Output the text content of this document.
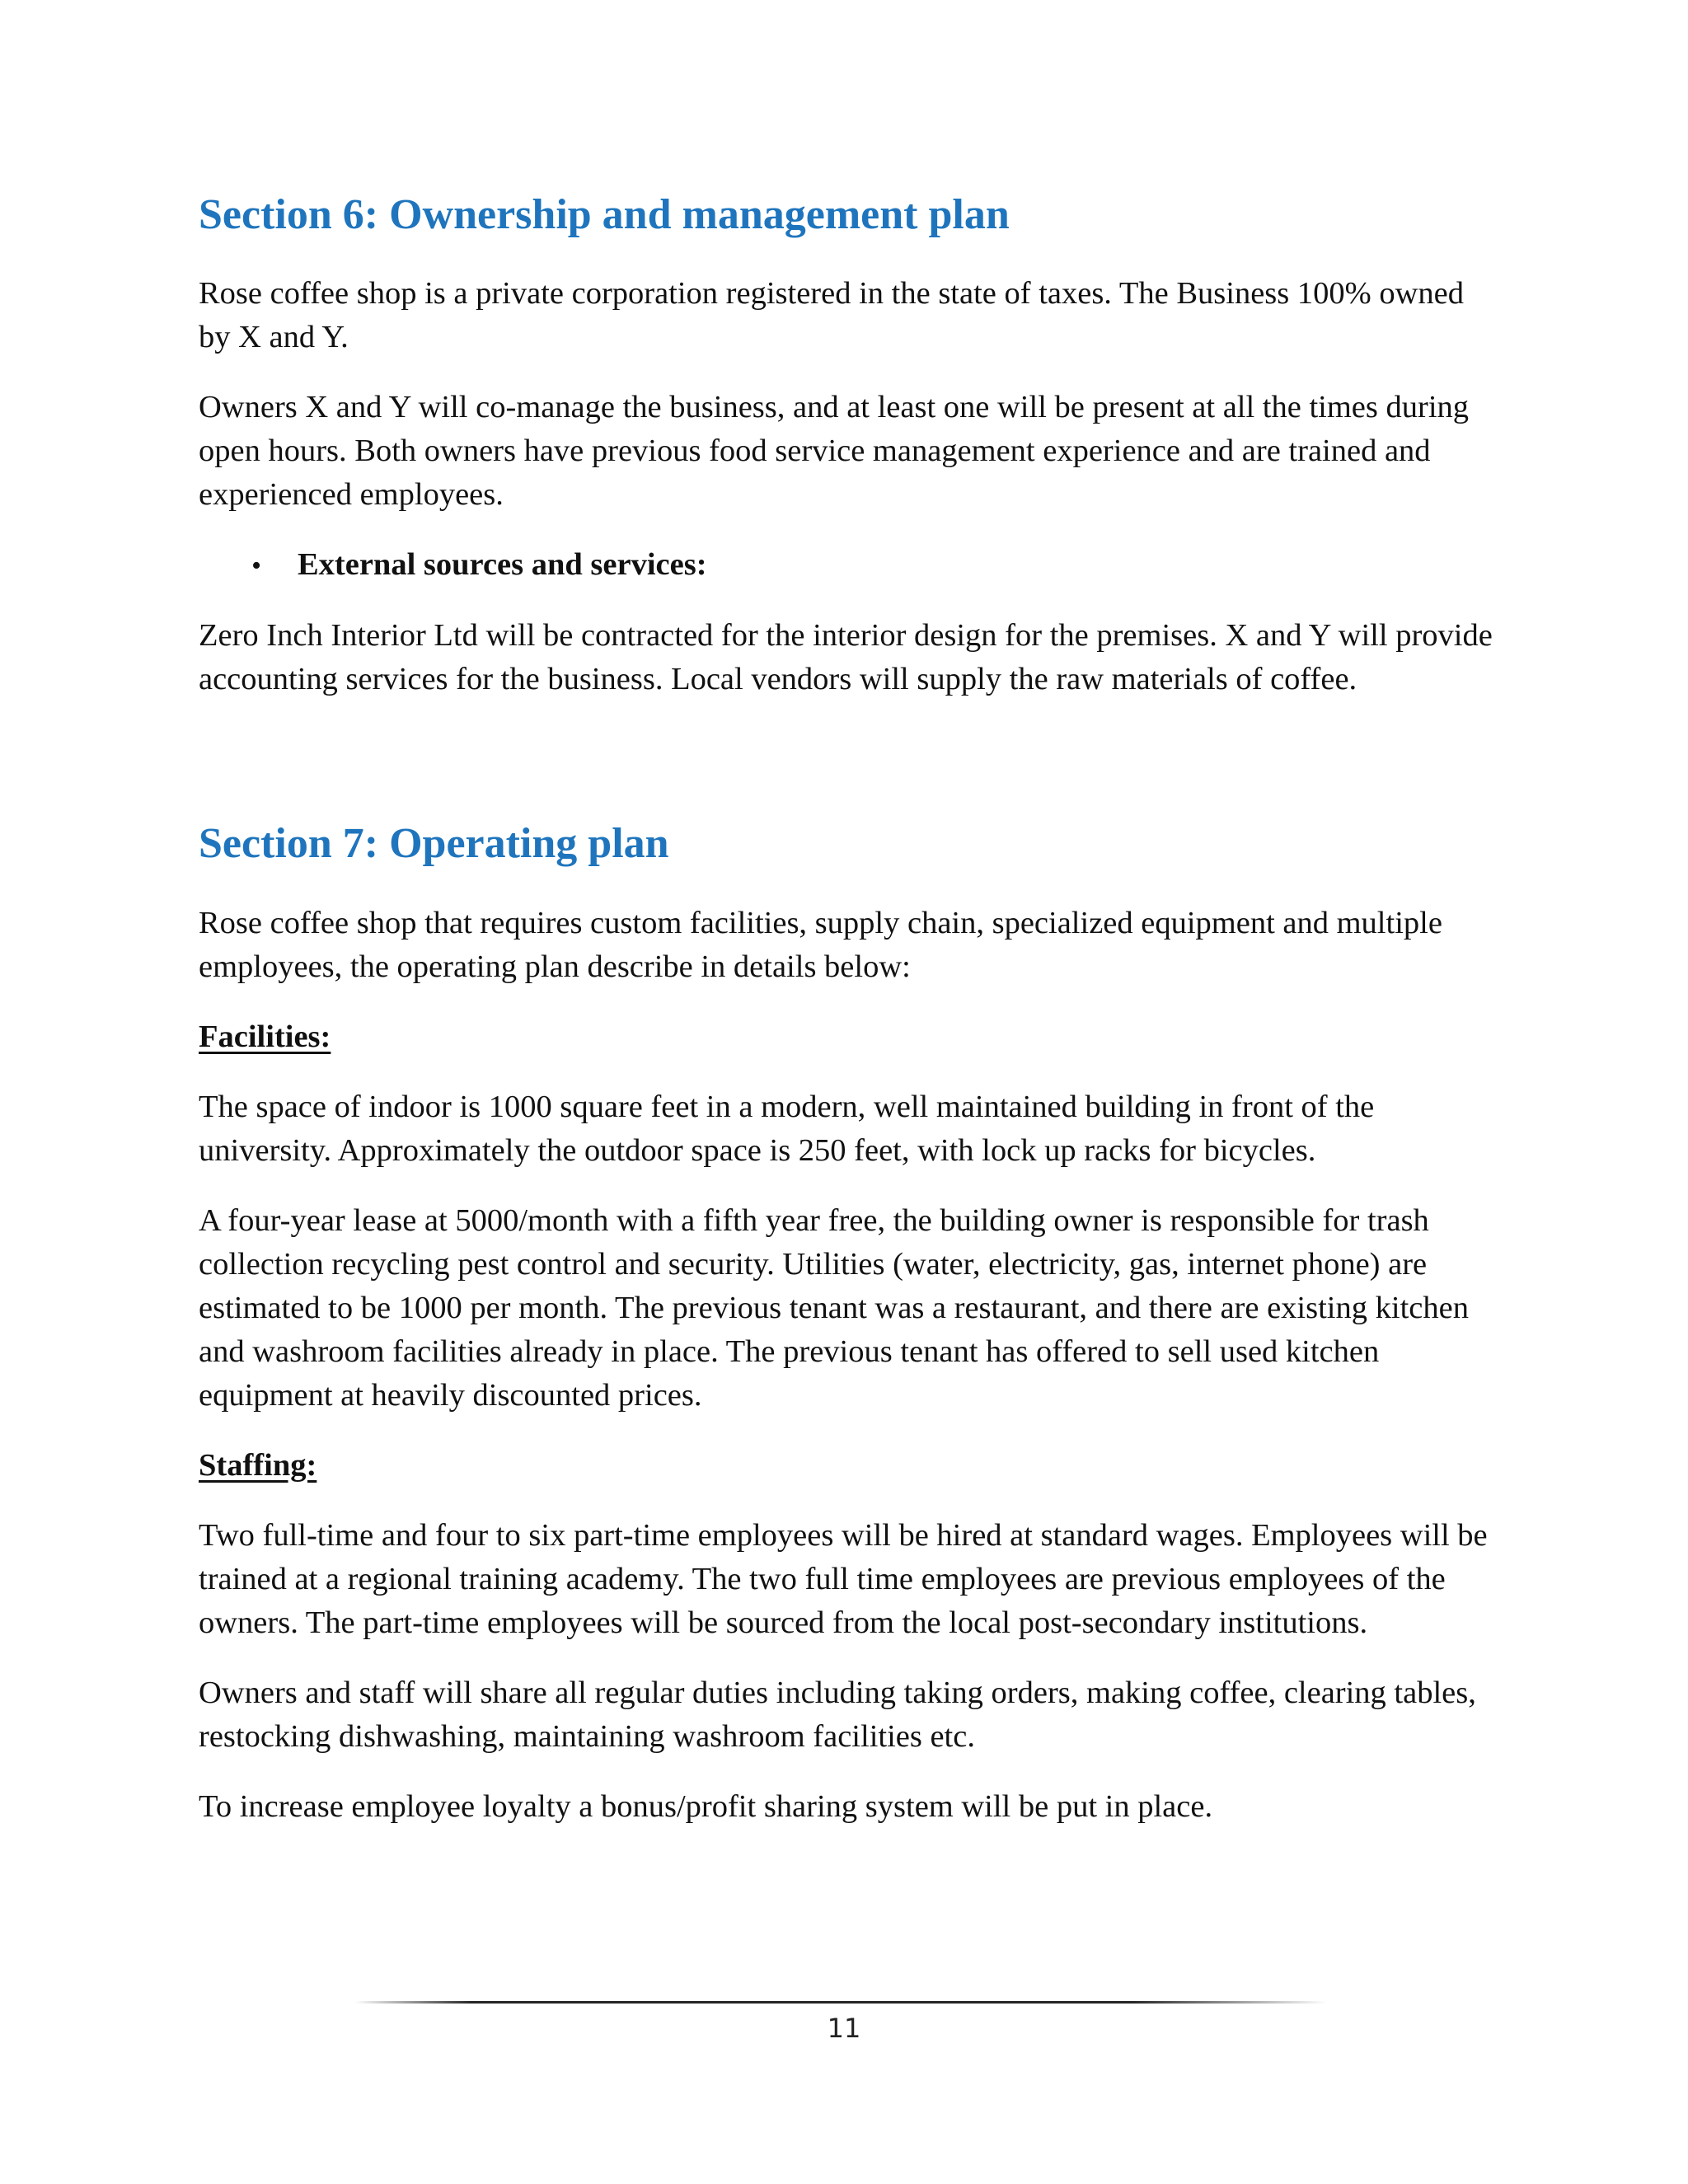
Section 6: Ownership and management plan

Rose coffee shop is a private corporation registered in the state of taxes. The Business 100% owned by X and Y.

Owners X and Y will co-manage the business, and at least one will be present at all the times during open hours. Both owners have previous food service management experience and are trained and experienced employees.

•	External sources and services:

Zero Inch Interior Ltd will be contracted for the interior design for the premises. X and Y will provide accounting services for the business. Local vendors will supply the raw materials of coffee.

Section 7: Operating plan

Rose coffee shop that requires custom facilities, supply chain, specialized equipment and multiple employees, the operating plan describe in details below:

Facilities:

The space of indoor is 1000 square feet in a modern, well maintained building in front of the university. Approximately the outdoor space is 250 feet, with lock up racks for bicycles.

A four-year lease at 5000/month with a fifth year free, the building owner is responsible for trash collection recycling pest control and security. Utilities (water, electricity, gas, internet phone) are estimated to be 1000 per month. The previous tenant was a restaurant, and there are existing kitchen and washroom facilities already in place. The previous tenant has offered to sell used kitchen equipment at heavily discounted prices.

Staffing:

Two full-time and four to six part-time employees will be hired at standard wages. Employees will be trained at a regional training academy. The two full time employees are previous employees of the owners. The part-time employees will be sourced from the local post-secondary institutions.

Owners and staff will share all regular duties including taking orders, making coffee, clearing tables, restocking dishwashing, maintaining washroom facilities etc.

To increase employee loyalty a bonus/profit sharing system will be put in place.

11
